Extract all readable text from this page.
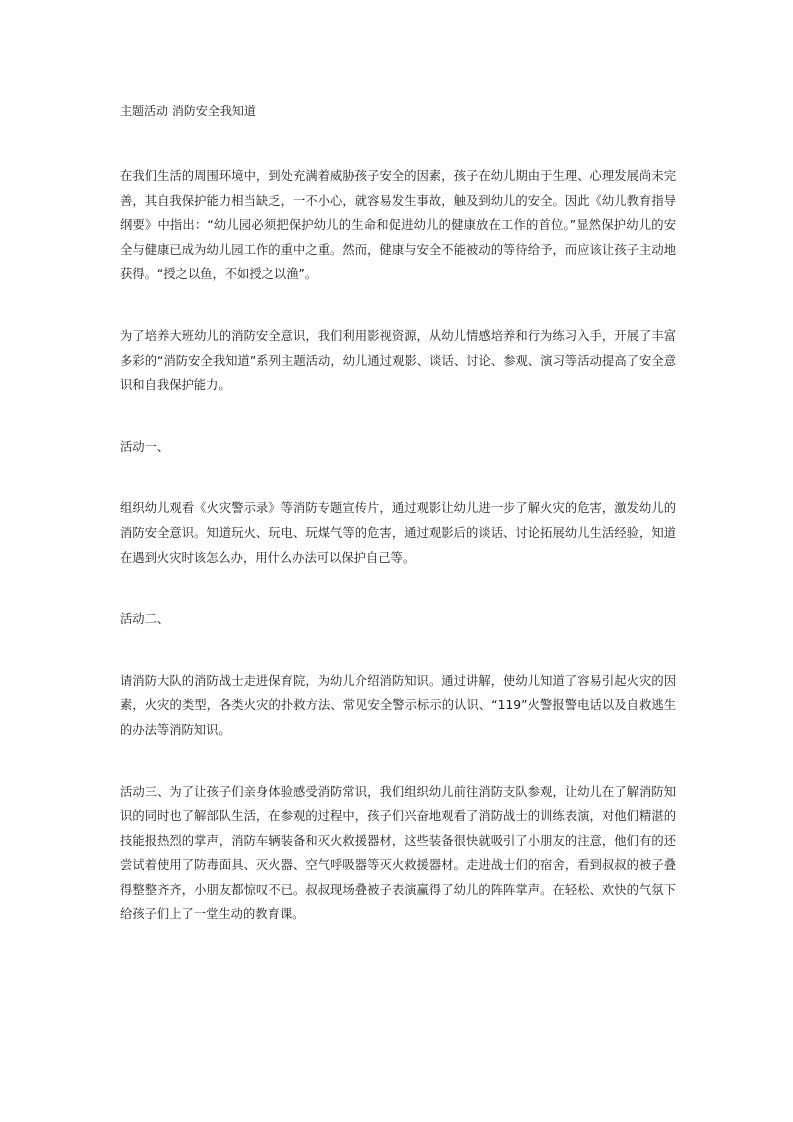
主题活动 消防安全我知道

在我们生活的周围环境中，到处充满着威胁孩子安全的因素，孩子在幼儿期由于生理、心理发展尚未完善，其自我保护能力相当缺乏，一不小心，就容易发生事故，触及到幼儿的安全。因此《幼儿教育指导纲要》中指出：“幼儿园必须把保护幼儿的生命和促进幼儿的健康放在工作的首位。”显然保护幼儿的安全与健康已成为幼儿园工作的重中之重。然而，健康与安全不能被动的等待给予，而应该让孩子主动地获得。“授之以鱼，不如授之以渔”。

为了培养大班幼儿的消防安全意识，我们利用影视资源，从幼儿情感培养和行为练习入手，开展了丰富多彩的“消防安全我知道”系列主题活动，幼儿通过观影、谈话、讨论、参观、演习等活动提高了安全意识和自我保护能力。

活动一、

组织幼儿观看《火灾警示录》等消防专题宣传片，通过观影让幼儿进一步了解火灾的危害，激发幼儿的消防安全意识。知道玩火、玩电、玩煤气等的危害，通过观影后的谈话、讨论拓展幼儿生活经验，知道在遇到火灾时该怎么办，用什么办法可以保护自己等。

活动二、

请消防大队的消防战士走进保育院，为幼儿介绍消防知识。通过讲解，使幼儿知道了容易引起火灾的因素，火灾的类型，各类火灾的扑救方法、常见安全警示标示的认识、“119”火警报警电话以及自救逃生的办法等消防知识。

活动三、为了让孩子们亲身体验感受消防常识，我们组织幼儿前往消防支队参观，让幼儿在了解消防知识的同时也了解部队生活，在参观的过程中，孩子们兴奋地观看了消防战士的训练表演，对他们精湛的技能报热烈的掌声，消防车辆装备和灭火救援器材，这些装备很快就吸引了小朋友的注意，他们有的还尝试着使用了防毒面具、灭火器、空气呼吸器等灭火救援器材。走进战士们的宿舍，看到叔叔的被子叠得整整齐齐，小朋友都惊叹不已。叔叔现场叠被子表演赢得了幼儿的阵阵掌声。在轻松、欢快的气氛下给孩子们上了一堂生动的教育课。
